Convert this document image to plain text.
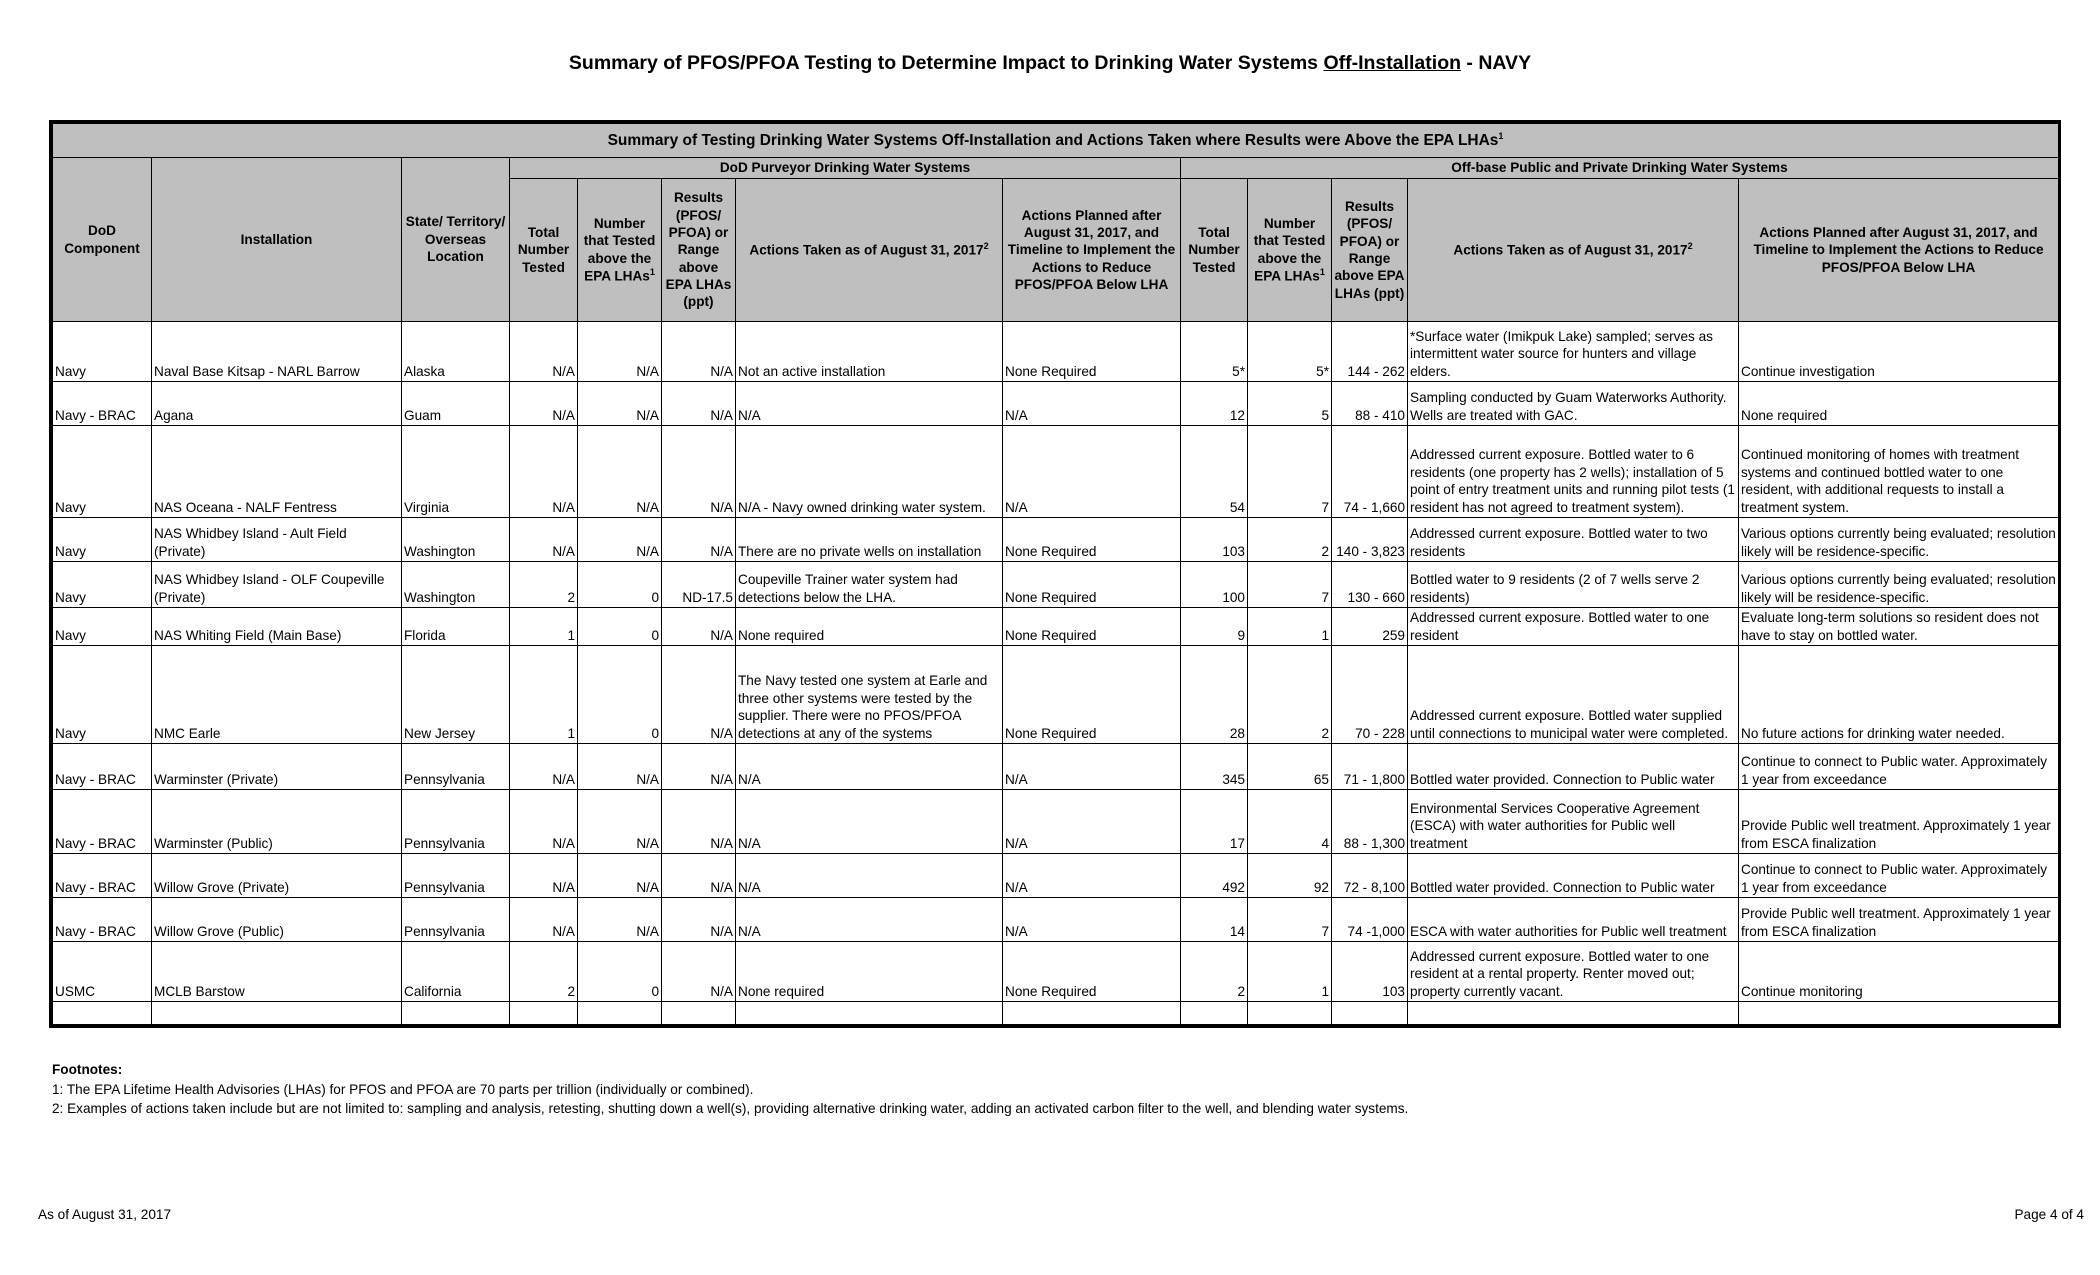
Summary of PFOS/PFOA Testing to Determine Impact to Drinking Water Systems Off-Installation - NAVY
Summary of Testing Drinking Water Systems Off-Installation and Actions Taken where Results were Above the EPA LHAs$^1$
DoD Component	Installation	State/ Territory/ Overseas Location	DoD Purveyor Drinking Water Systems					Off-base Public and Private Drinking Water Systems				
			Total Number Tested	Number that Tested above the EPA LHAs$^1$	Results (PFOS/ PFOA) or Range above EPA LHAs (ppt)	Actions Taken as of August 31, 2017$^2$	Actions Planned after August 31, 2017, and Timeline to Implement the Actions to Reduce PFOS/PFOA Below LHA	Total Number Tested	Number that Tested above the EPA LHAs$^1$	Results (PFOS/ PFOA) or Range above EPA LHAs (ppt)	Actions Taken as of August 31, 2017$^2$	Actions Planned after August 31, 2017, and Timeline to Implement the Actions to Reduce PFOS/PFOA Below LHA
Navy	Naval Base Kitsap - NARL Barrow	Alaska	N/A	N/A	N/A	Not an active installation	None Required	5*	5*	144 - 262	*Surface water (Imikpuk Lake) sampled; serves as intermittent water source for hunters and village elders.	Continue investigation
Navy - BRAC	Agana	Guam	N/A	N/A	N/A	N/A	N/A	12	5	88 - 410	Sampling conducted by Guam Waterworks Authority. Wells are treated with GAC.	None required
Navy	NAS Oceana - NALF Fentress	Virginia	N/A	N/A	N/A	N/A - Navy owned drinking water system.	N/A	54	7	74 - 1,660	Addressed current exposure. Bottled water to 6 residents (one property has 2 wells); installation of 5 point of entry treatment units and running pilot tests (1 resident has not agreed to treatment system).	Continued monitoring of homes with treatment systems and continued bottled water to one resident, with additional requests to install a treatment system.
Navy	NAS Whidbey Island - Ault Field (Private)	Washington	N/A	N/A	N/A	There are no private wells on installation	None Required	103	2	140 - 3,823	Addressed current exposure. Bottled water to two residents	Various options currently being evaluated; resolution likely will be residence-specific.
Navy	NAS Whidbey Island - OLF Coupeville (Private)	Washington	2	0	ND-17.5	Coupeville Trainer water system had detections below the LHA.	None Required	100	7	130 - 660	Bottled water to 9 residents (2 of 7 wells serve 2 residents)	Various options currently being evaluated; resolution likely will be residence-specific.
Navy	NAS Whiting Field (Main Base)	Florida	1	0	N/A	None required	None Required	9	1	259	Addressed current exposure. Bottled water to one resident	Evaluate long-term solutions so resident does not have to stay on bottled water.
Navy	NMC Earle	New Jersey	1	0	N/A	The Navy tested one system at Earle and three other systems were tested by the supplier. There were no PFOS/PFOA detections at any of the systems	None Required	28	2	70 - 228	Addressed current exposure. Bottled water supplied until connections to municipal water were completed.	No future actions for drinking water needed.
Navy - BRAC	Warminster (Private)	Pennsylvania	N/A	N/A	N/A	N/A	N/A	345	65	71 - 1,800	Bottled water provided. Connection to Public water	Continue to connect to Public water. Approximately 1 year from exceedance
Navy - BRAC	Warminster (Public)	Pennsylvania	N/A	N/A	N/A	N/A	N/A	17	4	88 - 1,300	Environmental Services Cooperative Agreement (ESCA) with water authorities for Public well treatment	Provide Public well treatment. Approximately 1 year from ESCA finalization
Navy - BRAC	Willow Grove (Private)	Pennsylvania	N/A	N/A	N/A	N/A	N/A	492	92	72 - 8,100	Bottled water provided. Connection to Public water	Continue to connect to Public water. Approximately 1 year from exceedance
Navy - BRAC	Willow Grove (Public)	Pennsylvania	N/A	N/A	N/A	N/A	N/A	14	7	74 -1,000	ESCA with water authorities for Public well treatment	Provide Public well treatment. Approximately 1 year from ESCA finalization
USMC	MCLB Barstow	California	2	0	N/A	None required	None Required	2	1	103	Addressed current exposure. Bottled water to one resident at a rental property. Renter moved out; property currently vacant.	Continue monitoring

Footnotes:
1: The EPA Lifetime Health Advisories (LHAs) for PFOS and PFOA are 70 parts per trillion (individually or combined).
2: Examples of actions taken include but are not limited to: sampling and analysis, retesting, shutting down a well(s), providing alternative drinking water, adding an activated carbon filter to the well, and blending water systems.
As of August 31, 2017	Page 4 of 4
